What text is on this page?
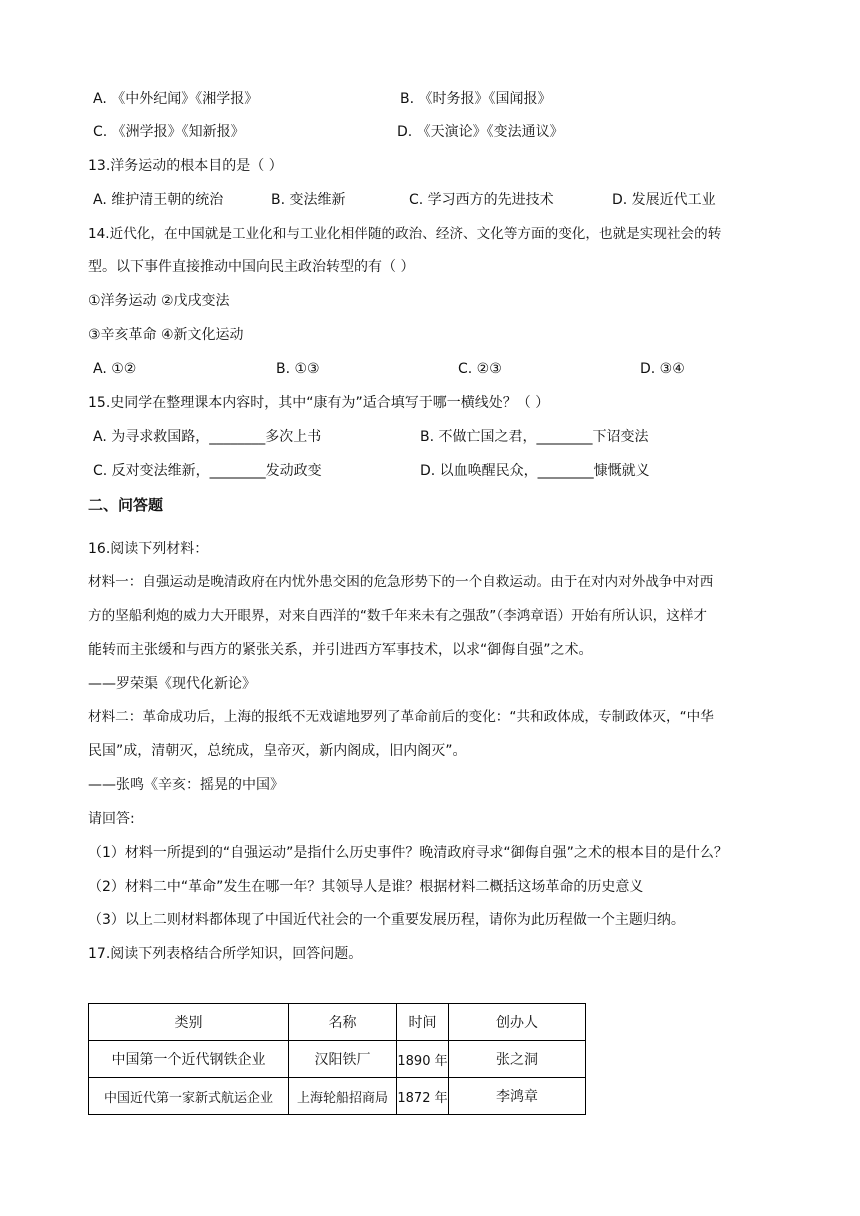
A. 《中外纪闻》《湘学报》	B. 《时务报》《国闻报》
C. 《洲学报》《知新报》	D. 《天演论》《变法通议》
13.洋务运动的根本目的是（ ）
A. 维护清王朝的统治	B. 变法维新	C. 学习西方的先进技术	D. 发展近代工业
14.近代化，在中国就是工业化和与工业化相伴随的政治、经济、文化等方面的变化，也就是实现社会的转
型。以下事件直接推动中国向民主政治转型的有（ ）
①洋务运动 ②戊戌变法
③辛亥革命 ④新文化运动
A. ①②	B. ①③	C. ②③	D. ③④
15.史同学在整理课本内容时，其中“康有为”适合填写于哪一横线处？（ ）
A. 为寻求救国路，________多次上书	B. 不做亡国之君，________下诏变法
C. 反对变法维新，________发动政变	D. 以血唤醒民众，________慷慨就义
二、问答题
16.阅读下列材料：
材料一：自强运动是晚清政府在内忧外患交困的危急形势下的一个自救运动。由于在对内对外战争中对西
方的坚船利炮的威力大开眼界，对来自西洋的“数千年来未有之强敌”（李鸿章语）开始有所认识，这样才
能转而主张缓和与西方的紧张关系，并引进西方军事技术，以求“御侮自强”之术。
——罗荣渠《现代化新论》
材料二：革命成功后，上海的报纸不无戏谑地罗列了革命前后的变化：“共和政体成，专制政体灭，“中华
民国”成，清朝灭，总统成，皇帝灭，新内阁成，旧内阁灭”。
——张鸣《辛亥：摇晃的中国》
请回答:
（1）材料一所提到的“自强运动”是指什么历史事件？晚清政府寻求“御侮自强”之术的根本目的是什么？
（2）材料二中“革命”发生在哪一年？其领导人是谁？根据材料二概括这场革命的历史意义
（3）以上二则材料都体现了中国近代社会的一个重要发展历程，请你为此历程做一个主题归纳。
17.阅读下列表格结合所学知识，回答问题。
类别	名称	时间	创办人
中国第一个近代钢铁企业	汉阳铁厂	1890 年	张之洞
中国近代第一家新式航运企业	上海轮船招商局	1872 年	李鸿章
